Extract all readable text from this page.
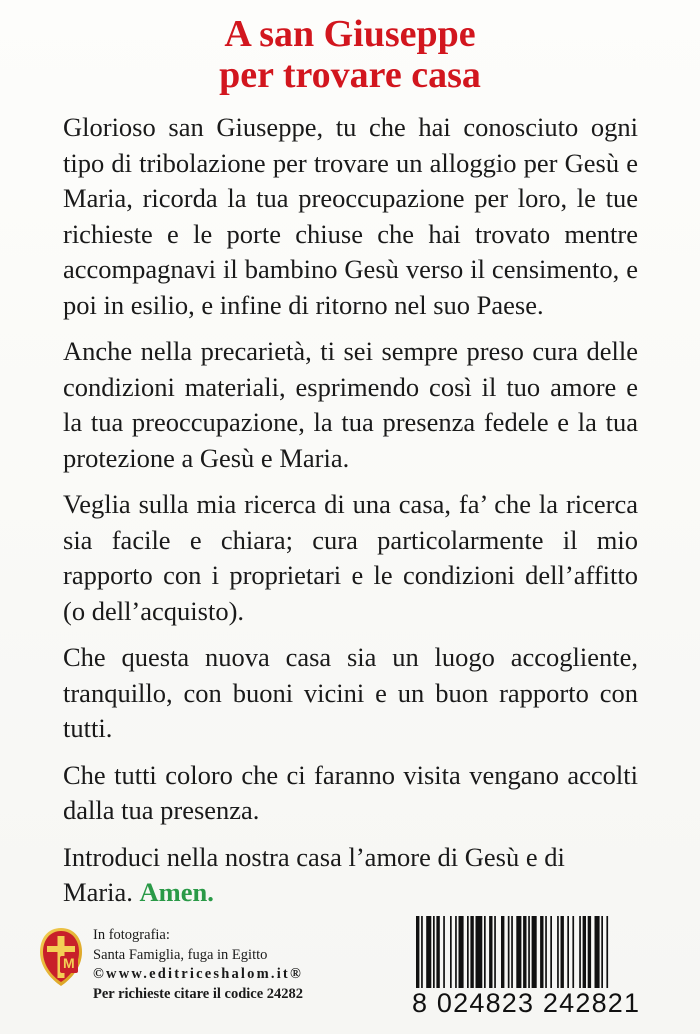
A san Giuseppe
per trovare casa

Glorioso san Giuseppe, tu che hai conosciuto ogni tipo di tribolazione per trovare un alloggio per Gesù e Maria, ricorda la tua preoccupazione per loro, le tue richieste e le porte chiuse che hai trovato mentre accompagnavi il bambino Gesù verso il censimento, e poi in esilio, e infine di ritorno nel suo Paese.

Anche nella precarietà, ti sei sempre preso cura delle condizioni materiali, esprimendo così il tuo amore e la tua preoccupazione, la tua presenza fedele e la tua protezione a Gesù e Maria.

Veglia sulla mia ricerca di una casa, fa’ che la ricerca sia facile e chiara; cura particolarmente il mio rapporto con i proprietari e le condizioni dell’affitto (o dell’acquisto).

Che questa nuova casa sia un luogo accogliente, tranquillo, con buoni vicini e un buon rapporto con tutti.

Che tutti coloro che ci faranno visita vengano accolti dalla tua presenza.

Introduci nella nostra casa l’amore di Gesù e di Maria. Amen.

M
In fotografia:
Santa Famiglia, fuga in Egitto
©www.editriceshalom.it®
Per richieste citare il codice 24282	8 024823 242821
